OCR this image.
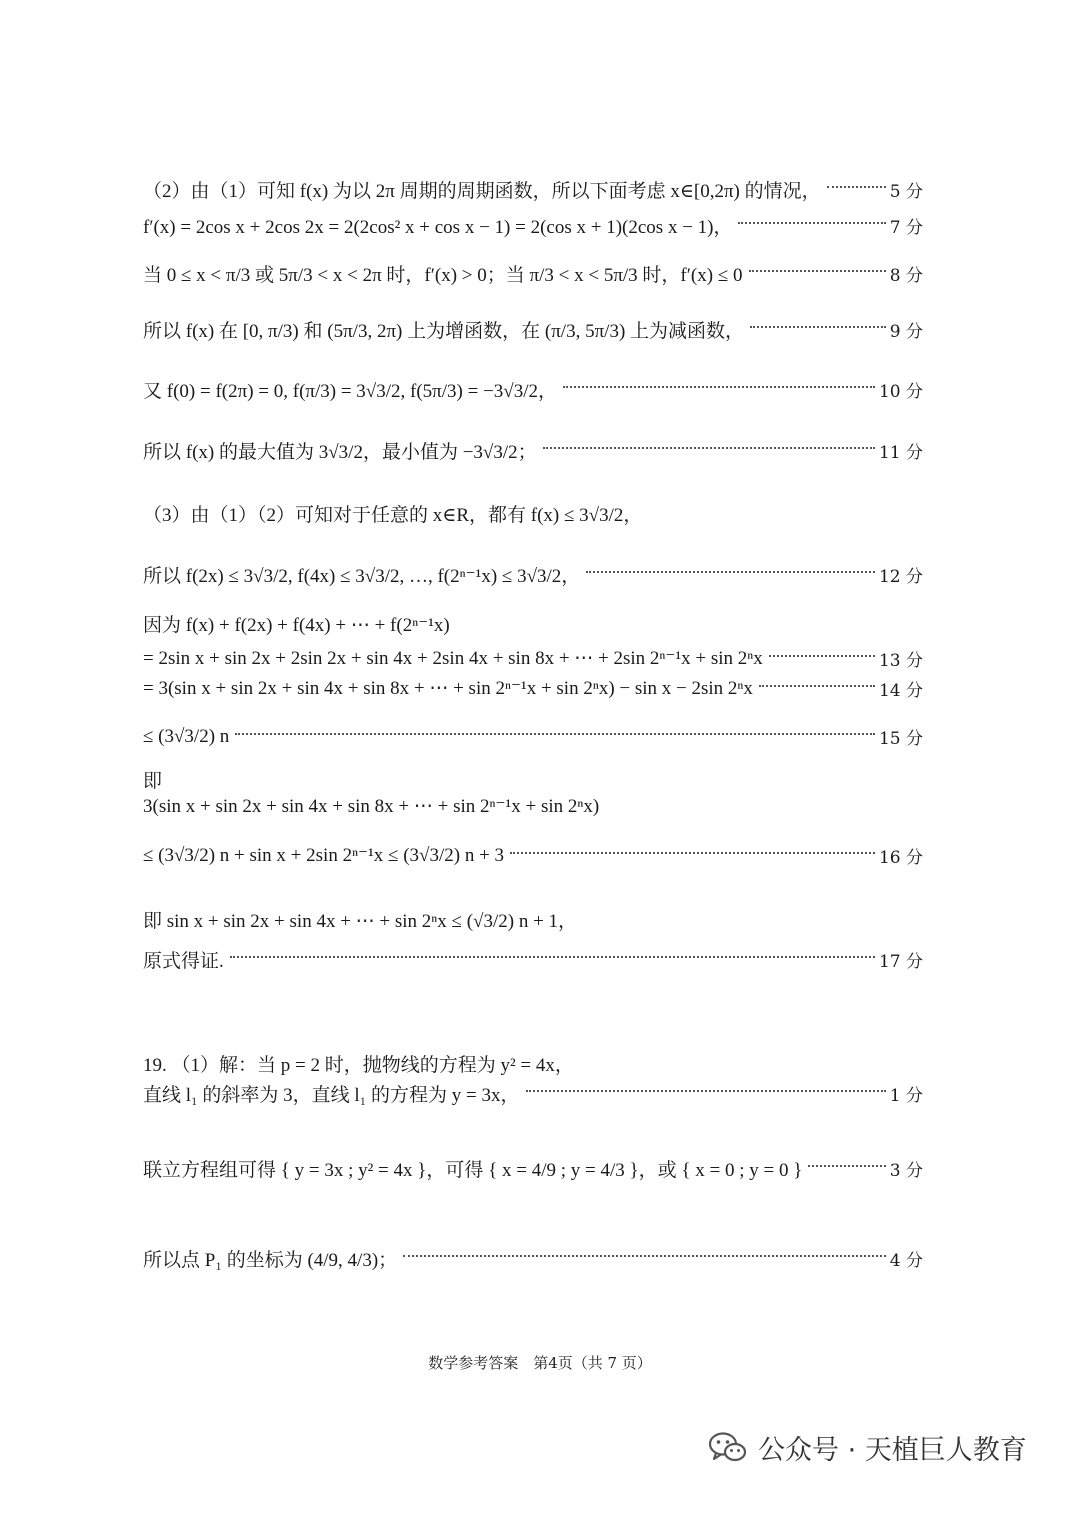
（2）由（1）可知 f(x) 为以 2π 周期的周期函数，所以下面考虑 x∈[0,2π) 的情况，	5 分
f′(x) = 2cos x + 2cos 2x = 2(2cos² x + cos x − 1) = 2(cos x + 1)(2cos x − 1)，	7 分
当 0 ≤ x < π/3 或 5π/3 < x < 2π 时，f′(x) > 0；当 π/3 < x < 5π/3 时，f′(x) ≤ 0	8 分
所以 f(x) 在 [0, π/3) 和 (5π/3, 2π) 上为增函数，在 (π/3, 5π/3) 上为减函数，	9 分
又 f(0) = f(2π) = 0, f(π/3) = 3√3/2, f(5π/3) = −3√3/2，	10 分
所以 f(x) 的最大值为 3√3/2，最小值为 −3√3/2；	11 分
（3）由（1）（2）可知对于任意的 x∈R，都有 f(x) ≤ 3√3/2，
所以 f(2x) ≤ 3√3/2, f(4x) ≤ 3√3/2, …, f(2ⁿ⁻¹x) ≤ 3√3/2，	12 分
因为 f(x) + f(2x) + f(4x) + ⋯ + f(2ⁿ⁻¹x)
= 2sin x + sin 2x + 2sin 2x + sin 4x + 2sin 4x + sin 8x + ⋯ + 2sin 2ⁿ⁻¹x + sin 2ⁿx	13 分
= 3(sin x + sin 2x + sin 4x + sin 8x + ⋯ + sin 2ⁿ⁻¹x + sin 2ⁿx) − sin x − 2sin 2ⁿx	14 分
≤ (3√3/2) n	15 分
即
3(sin x + sin 2x + sin 4x + sin 8x + ⋯ + sin 2ⁿ⁻¹x + sin 2ⁿx)
≤ (3√3/2) n + sin x + 2sin 2ⁿ⁻¹x ≤ (3√3/2) n + 3	16 分
即 sin x + sin 2x + sin 4x + ⋯ + sin 2ⁿx ≤ (√3/2) n + 1，
原式得证.	17 分
19. （1）解：当 p = 2 时，抛物线的方程为 y² = 4x，
直线 l₁ 的斜率为 3，直线 l₁ 的方程为 y = 3x，	1 分
联立方程组可得 { y = 3x ; y² = 4x }，可得 { x = 4/9 ; y = 4/3 }，或 { x = 0 ; y = 0 }	3 分
所以点 P₁ 的坐标为 (4/9, 4/3)；	4 分
数学参考答案　第4页（共 7 页）
公众号 · 天植巨人教育
